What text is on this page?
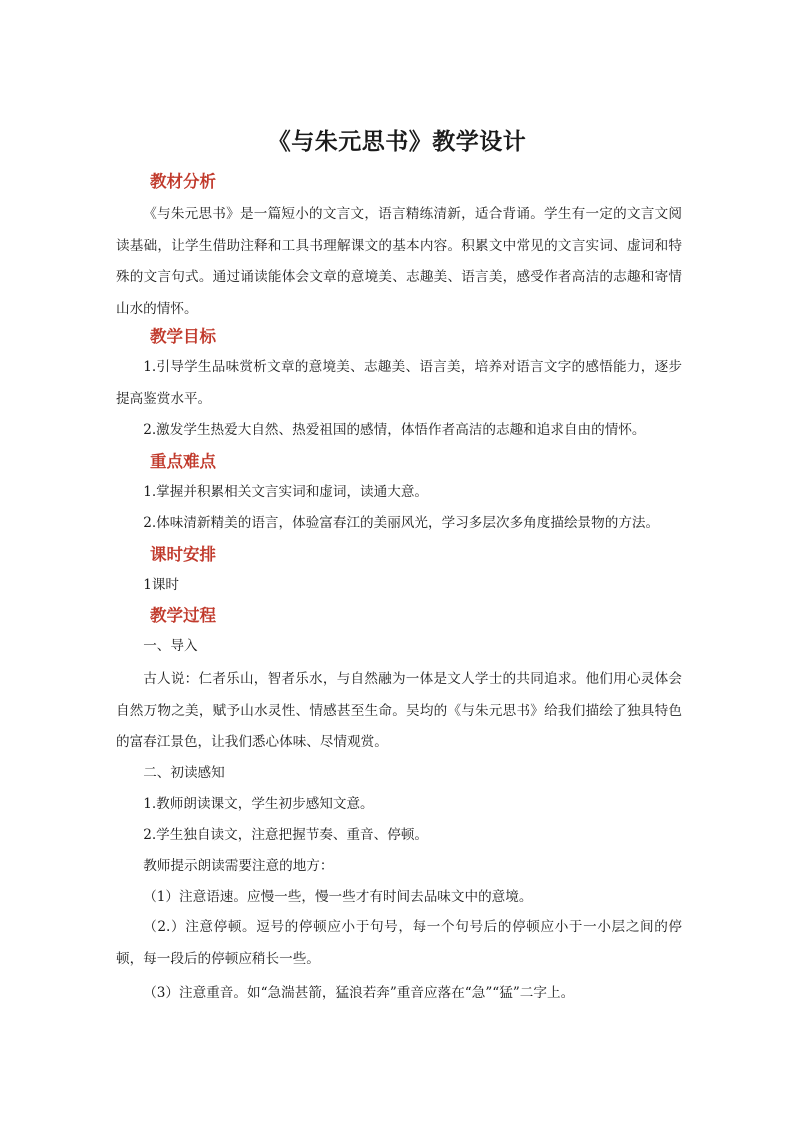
《与朱元思书》教学设计
教材分析

《与朱元思书》是一篇短小的文言文，语言精练清新，适合背诵。学生有一定的文言文阅读基础，让学生借助注释和工具书理解课文的基本内容。积累文中常见的文言实词、虚词和特殊的文言句式。通过诵读能体会文章的意境美、志趣美、语言美，感受作者高洁的志趣和寄情山水的情怀。

教学目标

1.引导学生品味赏析文章的意境美、志趣美、语言美，培养对语言文字的感悟能力，逐步提高鉴赏水平。

2.激发学生热爱大自然、热爱祖国的感情，体悟作者高洁的志趣和追求自由的情怀。

重点难点

1.掌握并积累相关文言实词和虚词，读通大意。

2.体味清新精美的语言，体验富春江的美丽风光，学习多层次多角度描绘景物的方法。

课时安排

1课时

教学过程

一、导入

古人说：仁者乐山，智者乐水，与自然融为一体是文人学士的共同追求。他们用心灵体会自然万物之美，赋予山水灵性、情感甚至生命。吴均的《与朱元思书》给我们描绘了独具特色的富春江景色，让我们悉心体味、尽情观赏。

二、初读感知

1.教师朗读课文，学生初步感知文意。

2.学生独自读文，注意把握节奏、重音、停顿。

教师提示朗读需要注意的地方：

（1）注意语速。应慢一些，慢一些才有时间去品味文中的意境。

（2.）注意停顿。逗号的停顿应小于句号，每一个句号后的停顿应小于一小层之间的停顿，每一段后的停顿应稍长一些。

（3）注意重音。如“急湍甚箭，猛浪若奔”重音应落在“急”“猛”二字上。
